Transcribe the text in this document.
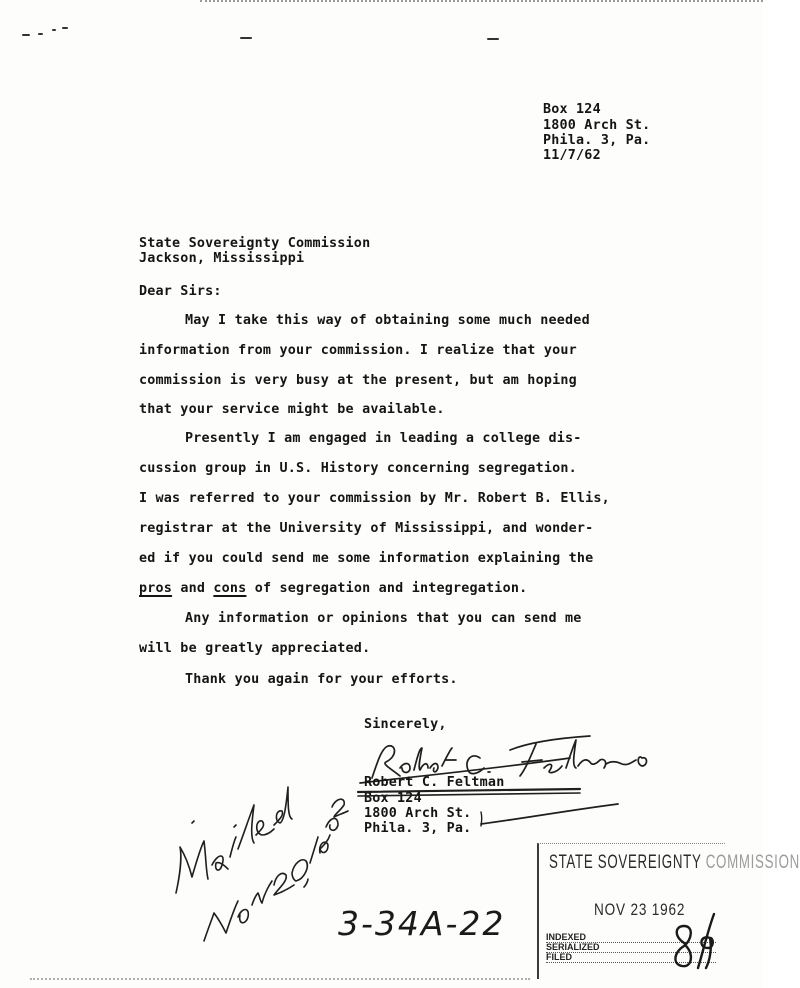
Box 124
1800 Arch St.
Phila. 3, Pa.
11/7/62
State Sovereignty Commission
Jackson, Mississippi
Dear Sirs:
May I take this way of obtaining some much needed
information from your commission. I realize that your
commission is very busy at the present, but am hoping
that your service might be available.
Presently I am engaged in leading a college dis-
cussion group in U.S. History concerning segregation.
I was referred to your commission by Mr. Robert B. Ellis,
registrar at the University of Mississippi, and wonder-
ed if you could send me some information explaining the
pros and cons of segregation and integregation.
Any information or opinions that you can send me
will be greatly appreciated.
Thank you again for your efforts.
Sincerely,
Robert C. Feltman
Box 124
1800 Arch St.
Phila. 3, Pa.
3-34A-22
STATE SOVEREIGNTY COMMISSION
NOV 23 1962
INDEXED
SERIALIZED
FILED
